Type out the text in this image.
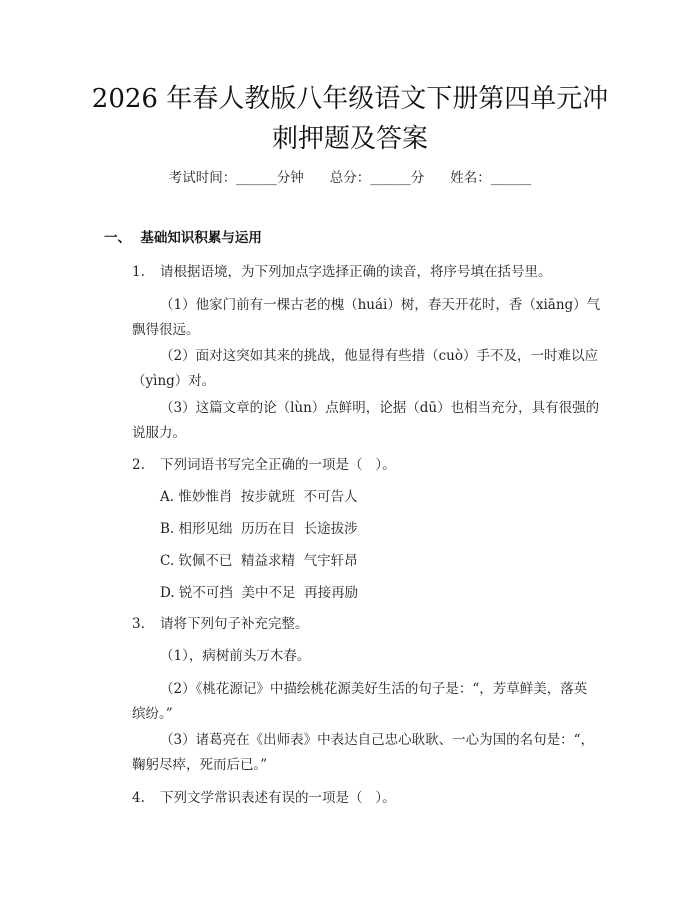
2026 年春人教版八年级语文下册第四单元冲
刺押题及答案
考试时间：______分钟 总分：______分 姓名：______
一、  基础知识积累与运用
1. 请根据语境，为下列加点字选择正确的读音，将序号填在括号里。
（1）他家门前有一棵古老的槐（huái）树，春天开花时，香（xiāng）气
飘得很远。
（2）面对这突如其来的挑战，他显得有些措（cuò）手不及，一时难以应
（yìng）对。
（3）这篇文章的论（lùn）点鲜明，论据（dū）也相当充分，具有很强的
说服力。
2. 下列词语书写完全正确的一项是（   ）。
A. 惟妙惟肖  按步就班  不可告人
B. 相形见绌  历历在目  长途拔涉
C. 钦佩不已  精益求精  气宇轩昂
D. 锐不可挡  美中不足  再接再励
3. 请将下列句子补充完整。
（1），病树前头万木春。
（2）《桃花源记》中描绘桃花源美好生活的句子是：“，芳草鲜美，落英
缤纷。”
（3）诸葛亮在《出师表》中表达自己忠心耿耿、一心为国的名句是：“，
鞠躬尽瘁，死而后已。”
4. 下列文学常识表述有误的一项是（   ）。
